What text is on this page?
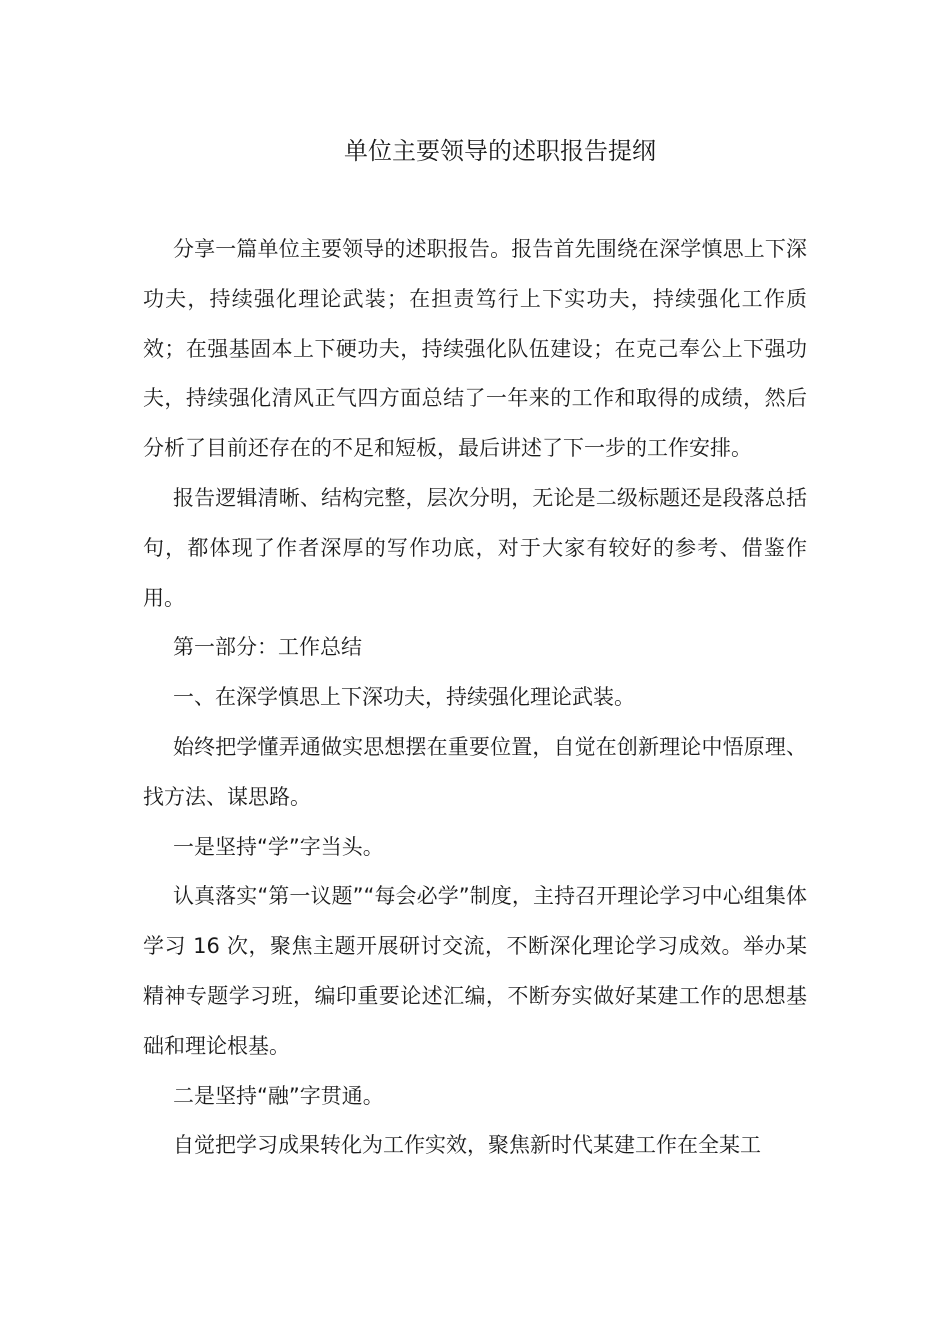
单位主要领导的述职报告提纲

分享一篇单位主要领导的述职报告。报告首先围绕在深学慎思上下深功夫，持续强化理论武装；在担责笃行上下实功夫，持续强化工作质效；在强基固本上下硬功夫，持续强化队伍建设；在克己奉公上下强功夫，持续强化清风正气四方面总结了一年来的工作和取得的成绩，然后分析了目前还存在的不足和短板，最后讲述了下一步的工作安排。

报告逻辑清晰、结构完整，层次分明，无论是二级标题还是段落总括句，都体现了作者深厚的写作功底，对于大家有较好的参考、借鉴作用。

第一部分：工作总结

一、在深学慎思上下深功夫，持续强化理论武装。

始终把学懂弄通做实思想摆在重要位置，自觉在创新理论中悟原理、找方法、谋思路。

一是坚持“学”字当头。

认真落实“第一议题”“每会必学”制度，主持召开理论学习中心组集体学习 16 次，聚焦主题开展研讨交流，不断深化理论学习成效。举办某精神专题学习班，编印重要论述汇编，不断夯实做好某建工作的思想基础和理论根基。

二是坚持“融”字贯通。

自觉把学习成果转化为工作实效，聚焦新时代某建工作在全某工
